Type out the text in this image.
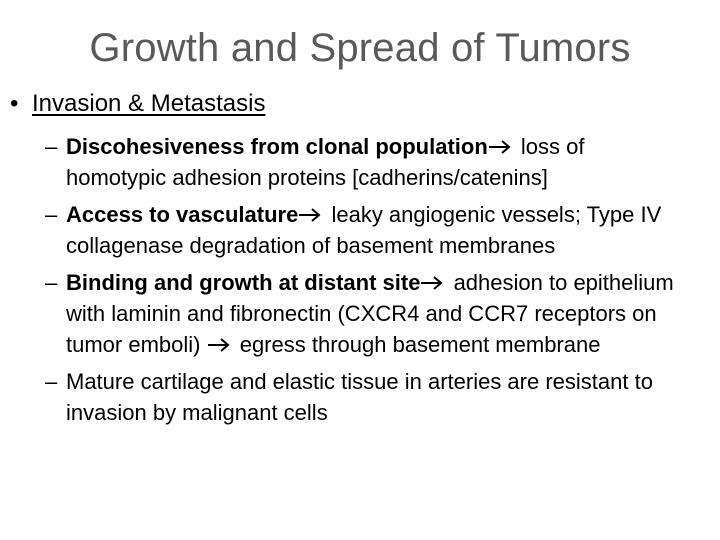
Growth and Spread of Tumors
• Invasion & Metastasis
– Discohesiveness from clonal population
loss of homotypic adhesion proteins [cadherins/catenins]
– Access to vasculature
leaky angiogenic vessels; Type IV collagenase degradation of basement membranes
– Binding and growth at distant site
adhesion to epithelium with laminin and fibronectin (CXCR4 and CCR7 receptors on tumor emboli)
egress through basement membrane
– Mature cartilage and elastic tissue in arteries are resistant to invasion by malignant cells
